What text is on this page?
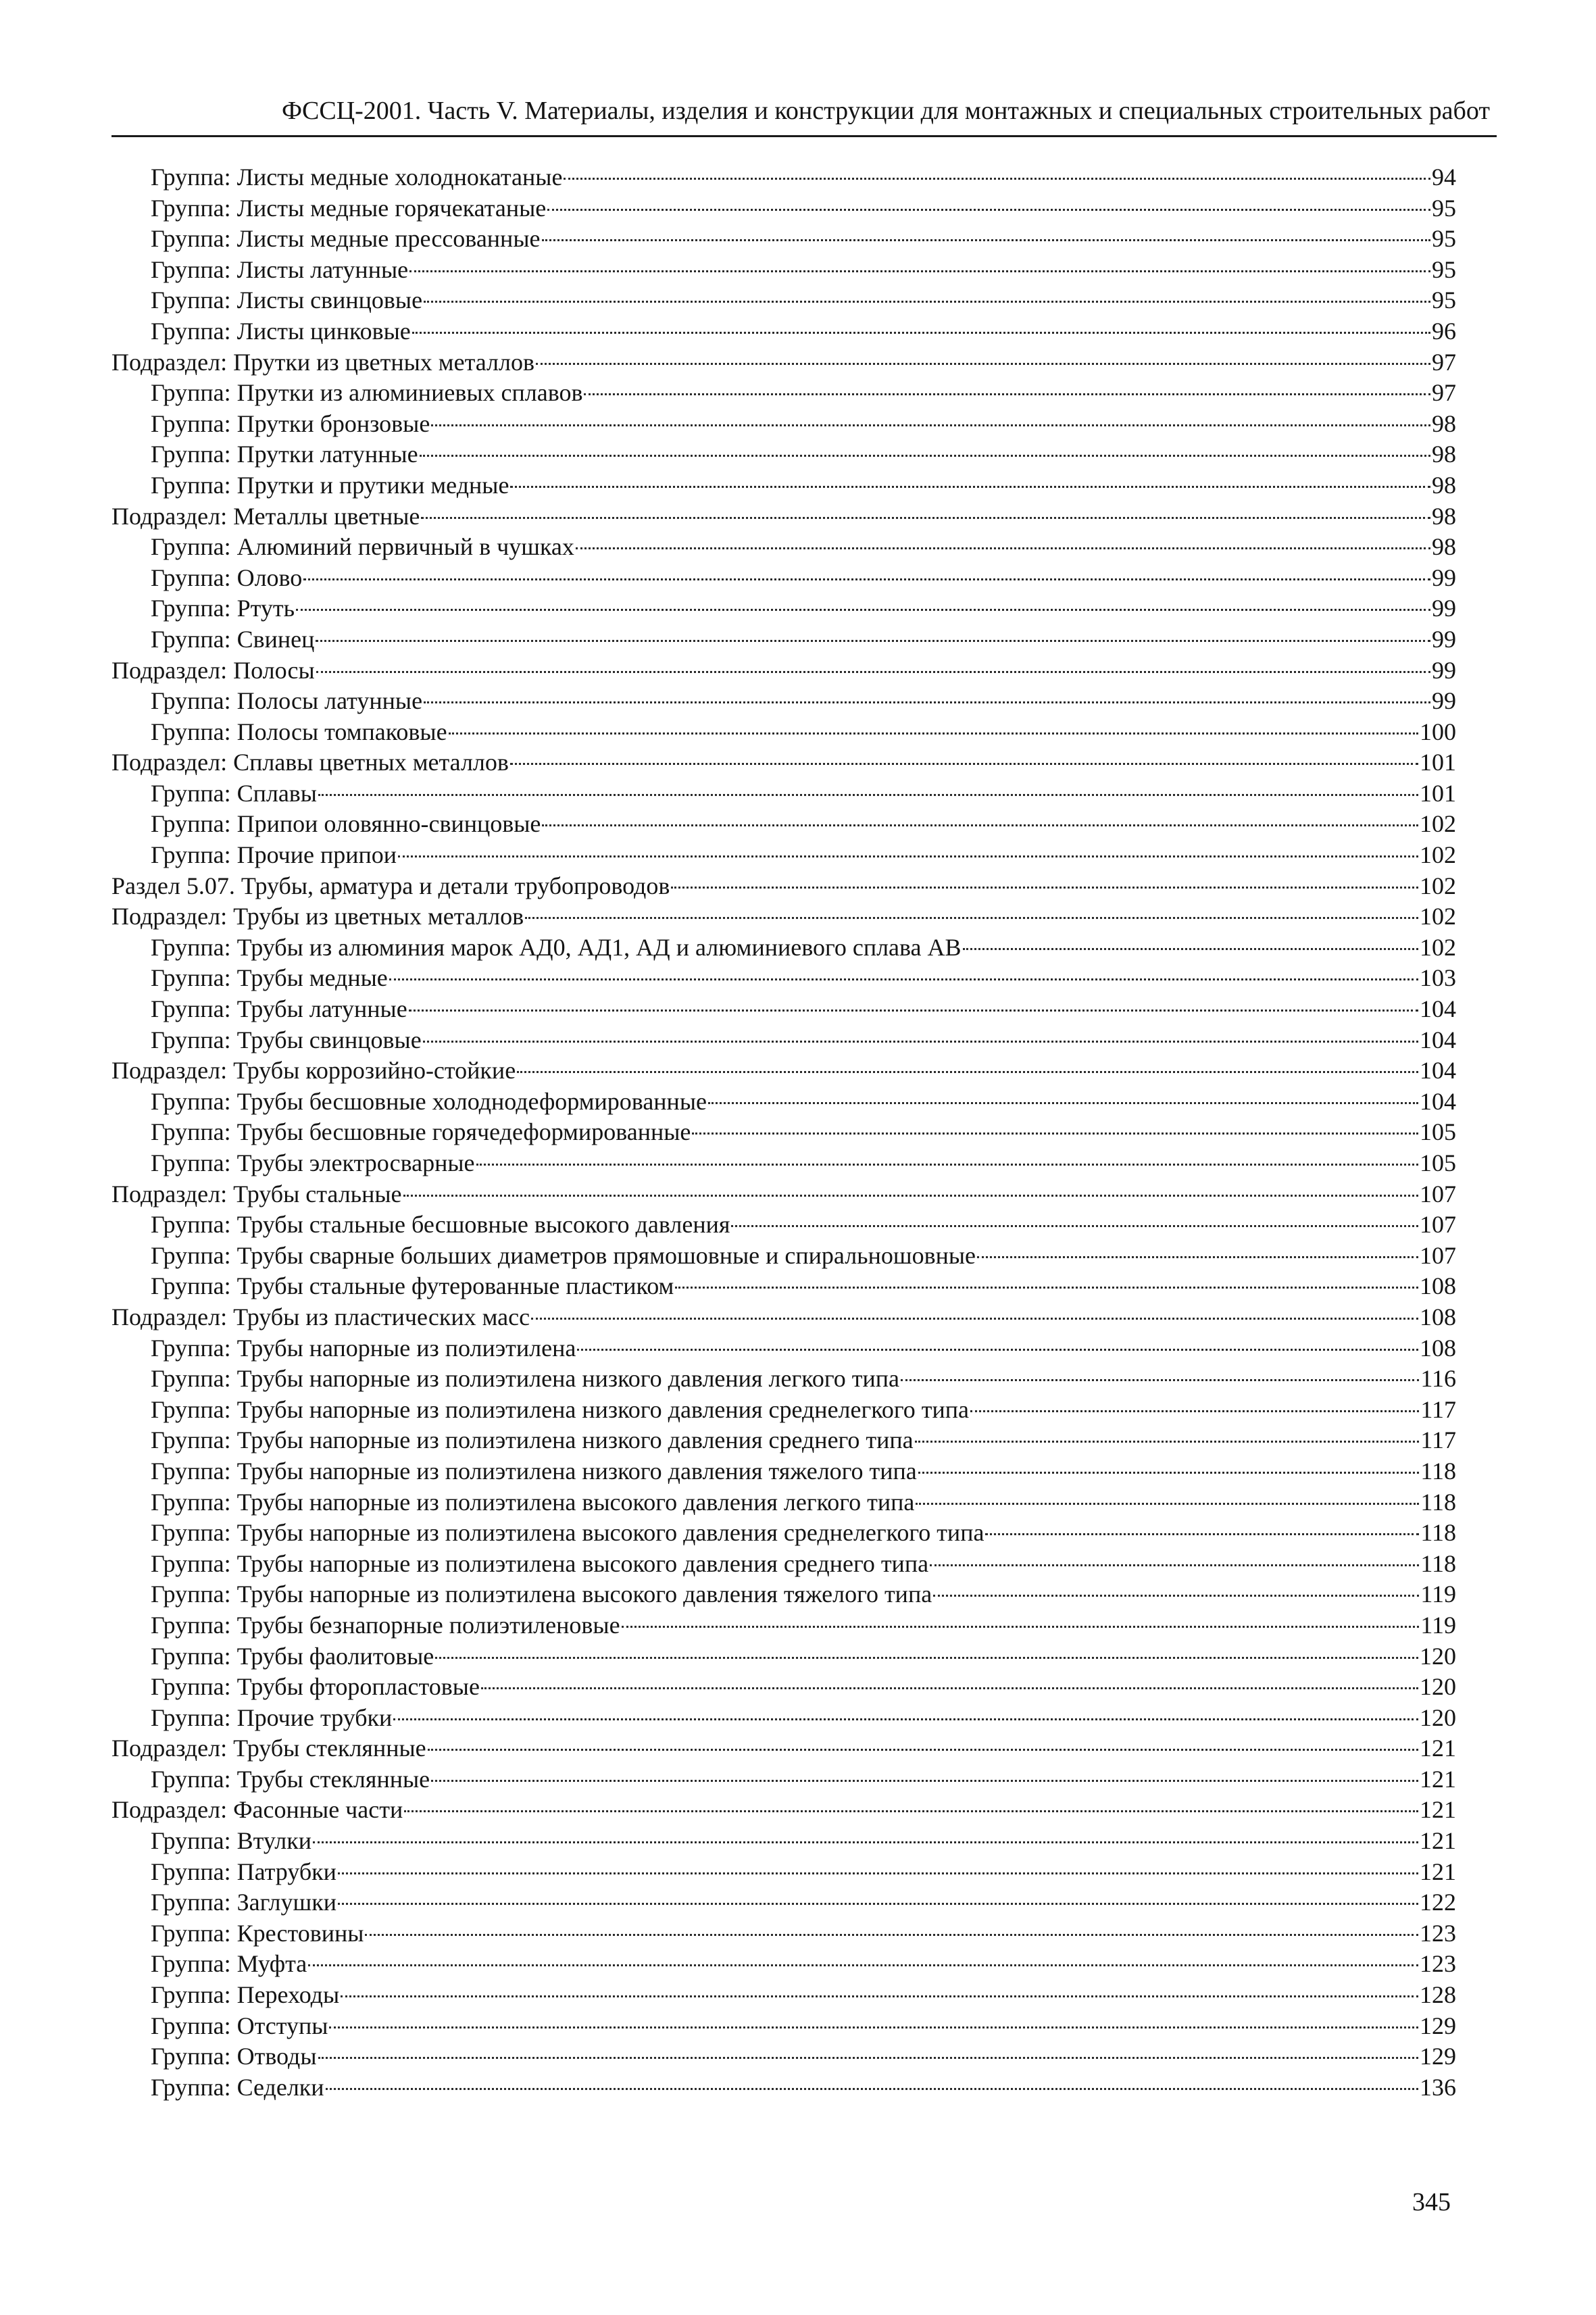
ФССЦ-2001. Часть V. Материалы, изделия и конструкции для монтажных и специальных строительных работ
Группа: Листы медные холоднокатаные	94
Группа: Листы медные горячекатаные	95
Группа: Листы медные прессованные	95
Группа: Листы латунные	95
Группа: Листы свинцовые	95
Группа: Листы цинковые	96
Подраздел: Прутки из цветных металлов	97
Группа: Прутки из алюминиевых сплавов	97
Группа: Прутки бронзовые	98
Группа: Прутки латунные	98
Группа: Прутки и прутики медные	98
Подраздел: Металлы цветные	98
Группа: Алюминий первичный в чушках	98
Группа: Олово	99
Группа: Ртуть	99
Группа: Свинец	99
Подраздел: Полосы	99
Группа: Полосы латунные	99
Группа: Полосы томпаковые	100
Подраздел: Сплавы цветных металлов	101
Группа: Сплавы	101
Группа: Припои оловянно-свинцовые	102
Группа: Прочие припои	102
Раздел 5.07. Трубы, арматура и детали трубопроводов	102
Подраздел: Трубы из цветных металлов	102
Группа: Трубы из алюминия марок АД0, АД1, АД и алюминиевого сплава АВ	102
Группа: Трубы медные	103
Группа: Трубы латунные	104
Группа: Трубы свинцовые	104
Подраздел: Трубы коррозийно-стойкие	104
Группа: Трубы бесшовные холоднодеформированные	104
Группа: Трубы бесшовные горячедеформированные	105
Группа: Трубы электросварные	105
Подраздел: Трубы стальные	107
Группа: Трубы стальные бесшовные высокого давления	107
Группа: Трубы сварные больших диаметров прямошовные и спиральношовные	107
Группа: Трубы стальные футерованные пластиком	108
Подраздел: Трубы из пластических масс	108
Группа: Трубы напорные из полиэтилена	108
Группа: Трубы напорные из полиэтилена низкого давления легкого типа	116
Группа: Трубы напорные из полиэтилена низкого давления среднелегкого типа	117
Группа: Трубы напорные из полиэтилена низкого давления среднего типа	117
Группа: Трубы напорные из полиэтилена низкого давления тяжелого типа	118
Группа: Трубы напорные из полиэтилена высокого давления легкого типа	118
Группа: Трубы напорные из полиэтилена высокого давления среднелегкого типа	118
Группа: Трубы напорные из полиэтилена высокого давления среднего типа	118
Группа: Трубы напорные из полиэтилена высокого давления тяжелого типа	119
Группа: Трубы безнапорные полиэтиленовые	119
Группа: Трубы фаолитовые	120
Группа: Трубы фторопластовые	120
Группа: Прочие трубки	120
Подраздел: Трубы стеклянные	121
Группа: Трубы стеклянные	121
Подраздел: Фасонные части	121
Группа: Втулки	121
Группа: Патрубки	121
Группа: Заглушки	122
Группа: Крестовины	123
Группа: Муфта	123
Группа: Переходы	128
Группа: Отступы	129
Группа: Отводы	129
Группа: Седелки	136
345
